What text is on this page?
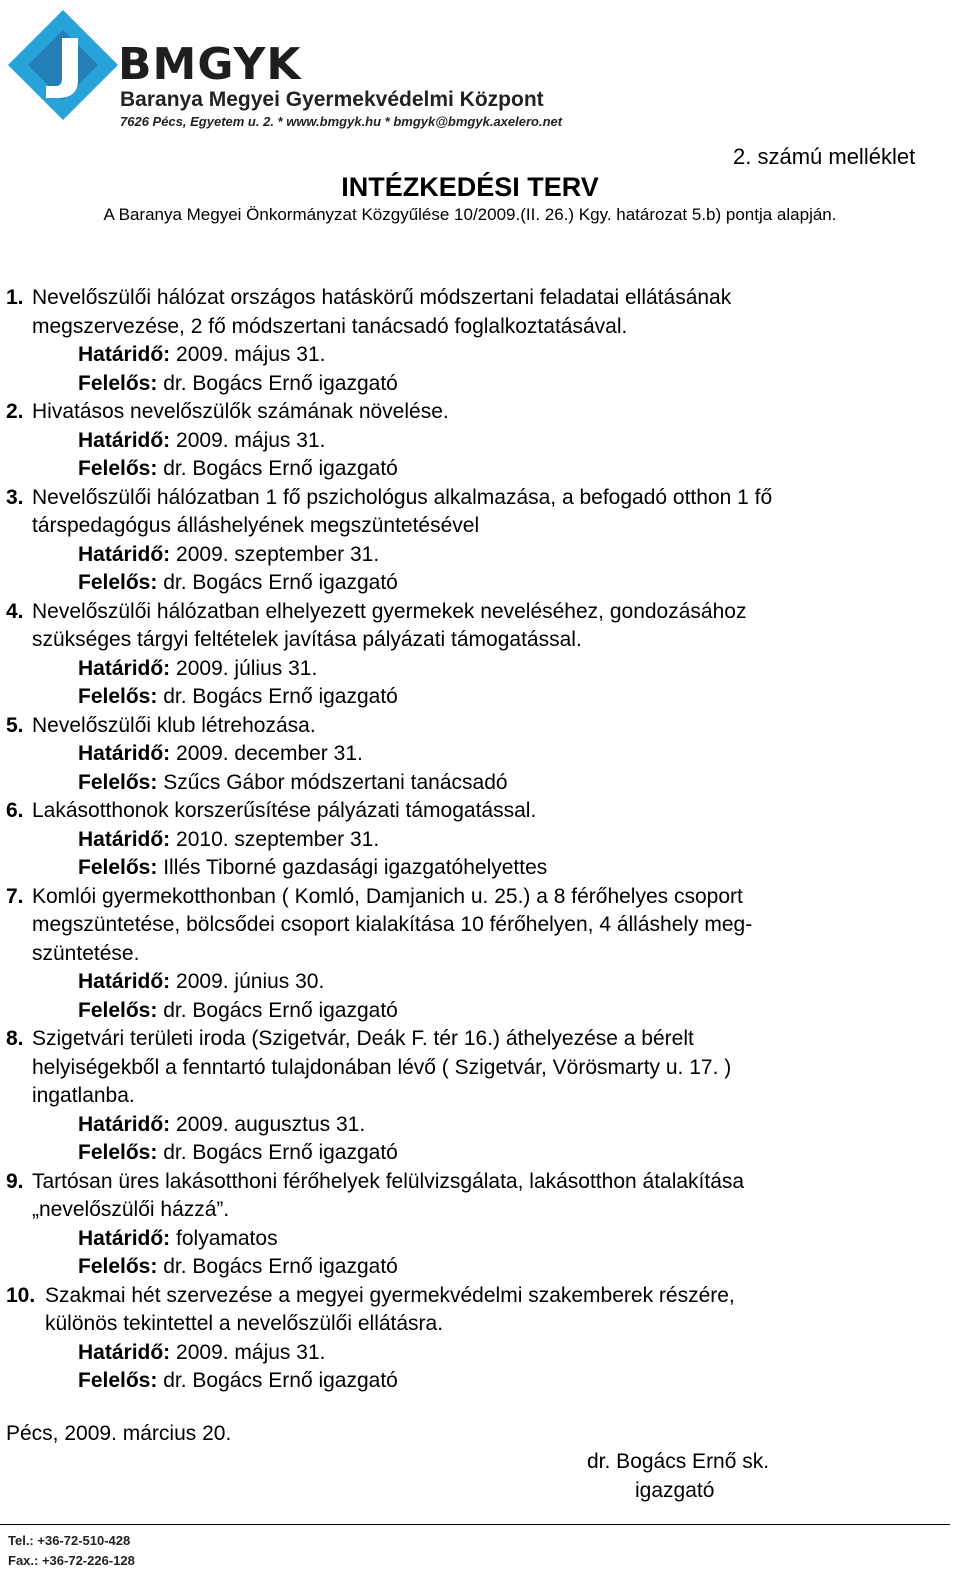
BMGYK
Baranya Megyei Gyermekvédelmi Központ
7626 Pécs, Egyetem u. 2. * www.bmgyk.hu * bmgyk@bmgyk.axelero.net
2. számú melléklet
INTÉZKEDÉSI TERV
A Baranya Megyei Önkormányzat Közgyűlése 10/2009.(II. 26.) Kgy. határozat 5.b) pontja alapján.
1. Nevelőszülői hálózat országos hatáskörű módszertani feladatai ellátásának
megszervezése, 2 fő módszertani tanácsadó foglalkoztatásával.
Határidő: 2009. május 31.
Felelős: dr. Bogács Ernő igazgató
2. Hivatásos nevelőszülők számának növelése.
Határidő: 2009. május 31.
Felelős: dr. Bogács Ernő igazgató
3. Nevelőszülői hálózatban 1 fő pszichológus alkalmazása, a befogadó otthon 1 fő
társpedagógus álláshelyének megszüntetésével
Határidő: 2009. szeptember 31.
Felelős: dr. Bogács Ernő igazgató
4. Nevelőszülői hálózatban elhelyezett gyermekek neveléséhez, gondozásához
szükséges tárgyi feltételek javítása pályázati támogatással.
Határidő: 2009. július 31.
Felelős: dr. Bogács Ernő igazgató
5. Nevelőszülői klub létrehozása.
Határidő: 2009. december 31.
Felelős: Szűcs Gábor módszertani tanácsadó
6. Lakásotthonok korszerűsítése pályázati támogatással.
Határidő: 2010. szeptember 31.
Felelős: Illés Tiborné gazdasági igazgatóhelyettes
7. Komlói gyermekotthonban ( Komló, Damjanich u. 25.) a 8 férőhelyes csoport
megszüntetése, bölcsődei csoport kialakítása 10 férőhelyen, 4 álláshely meg-
szüntetése.
Határidő: 2009. június 30.
Felelős: dr. Bogács Ernő igazgató
8. Szigetvári területi iroda (Szigetvár, Deák F. tér 16.) áthelyezése a bérelt
helyiségekből a fenntartó tulajdonában lévő ( Szigetvár, Vörösmarty u. 17. )
ingatlanba.
Határidő: 2009. augusztus 31.
Felelős: dr. Bogács Ernő igazgató
9. Tartósan üres lakásotthoni férőhelyek felülvizsgálata, lakásotthon átalakítása
„nevelőszülői házzá”.
Határidő: folyamatos
Felelős: dr. Bogács Ernő igazgató
10. Szakmai hét szervezése a megyei gyermekvédelmi szakemberek részére,
különös tekintettel a nevelőszülői ellátásra.
Határidő: 2009. május 31.
Felelős: dr. Bogács Ernő igazgató
Pécs, 2009. március 20.
dr. Bogács Ernő sk.
igazgató
Tel.: +36-72-510-428
Fax.: +36-72-226-128
